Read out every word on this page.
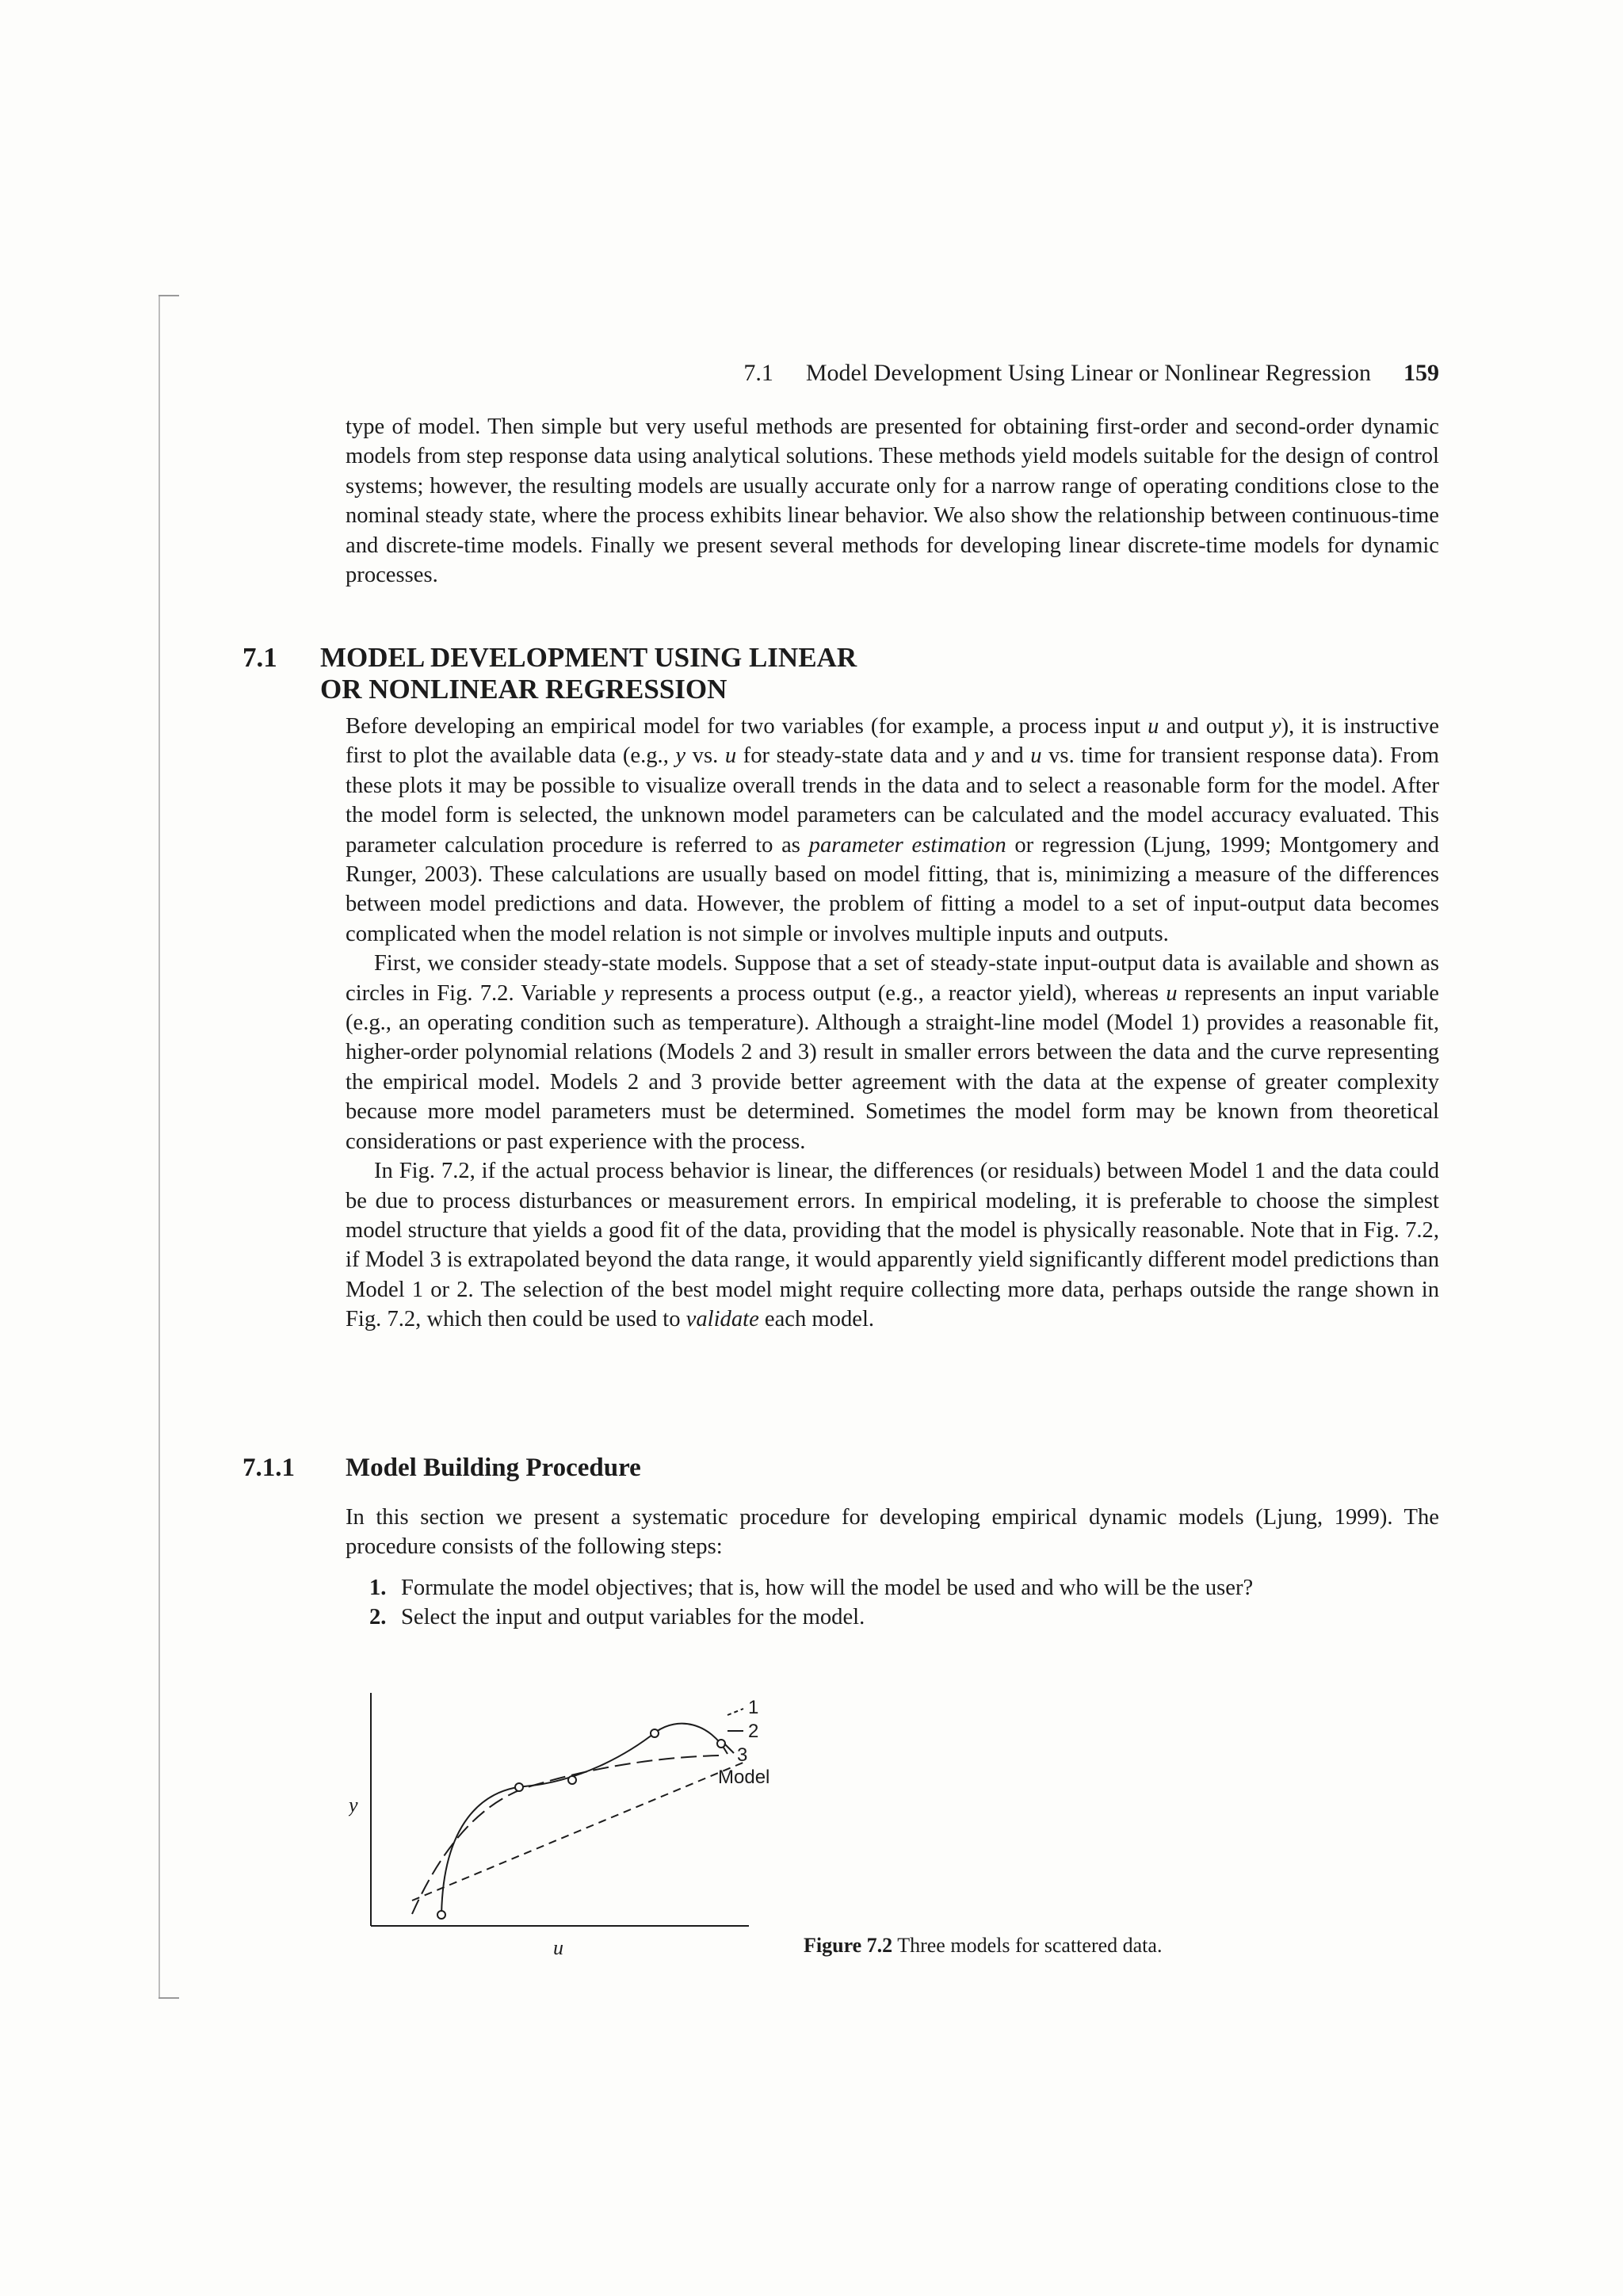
7.1 Model Development Using Linear or Nonlinear Regression 159

type of model. Then simple but very useful methods are presented for obtaining first-order and second-order dynamic models from step response data using analytical solutions. These methods yield models suitable for the design of control systems; however, the resulting models are usually accurate only for a narrow range of operating conditions close to the nominal steady state, where the process exhibits linear behavior. We also show the relationship between continuous-time and discrete-time models. Finally we present several methods for developing linear discrete-time models for dynamic processes.

7.1 MODEL DEVELOPMENT USING LINEAR
OR NONLINEAR REGRESSION

Before developing an empirical model for two variables (for example, a process input u and output y), it is instructive first to plot the available data (e.g., y vs. u for steady-state data and y and u vs. time for transient response data). From these plots it may be possible to visualize overall trends in the data and to select a reasonable form for the model. After the model form is selected, the unknown model parameters can be calculated and the model accuracy evaluated. This parameter calculation procedure is referred to as parameter estimation or regression (Ljung, 1999; Montgomery and Runger, 2003). These calculations are usually based on model fitting, that is, minimizing a measure of the differences between model predictions and data. However, the problem of fitting a model to a set of input-output data becomes complicated when the model relation is not simple or involves multiple inputs and outputs.

First, we consider steady-state models. Suppose that a set of steady-state input-output data is available and shown as circles in Fig. 7.2. Variable y represents a process output (e.g., a reactor yield), whereas u represents an input variable (e.g., an operating condition such as temperature). Although a straight-line model (Model 1) provides a reasonable fit, higher-order polynomial relations (Models 2 and 3) result in smaller errors between the data and the curve representing the empirical model. Models 2 and 3 provide better agreement with the data at the expense of greater complexity because more model parameters must be determined. Sometimes the model form may be known from theoretical considerations or past experience with the process.

In Fig. 7.2, if the actual process behavior is linear, the differences (or residuals) between Model 1 and the data could be due to process disturbances or measurement errors. In empirical modeling, it is preferable to choose the simplest model structure that yields a good fit of the data, providing that the model is physically reasonable. Note that in Fig. 7.2, if Model 3 is extrapolated beyond the data range, it would apparently yield significantly different model predictions than Model 1 or 2. The selection of the best model might require collecting more data, perhaps outside the range shown in Fig. 7.2, which then could be used to validate each model.

7.1.1 Model Building Procedure

In this section we present a systematic procedure for developing empirical dynamic models (Ljung, 1999). The procedure consists of the following steps:

1. Formulate the model objectives; that is, how will the model be used and who will be the user?
2. Select the input and output variables for the model.
1
2
3
Model
y
u	Figure 7.2 Three models for scattered data.
